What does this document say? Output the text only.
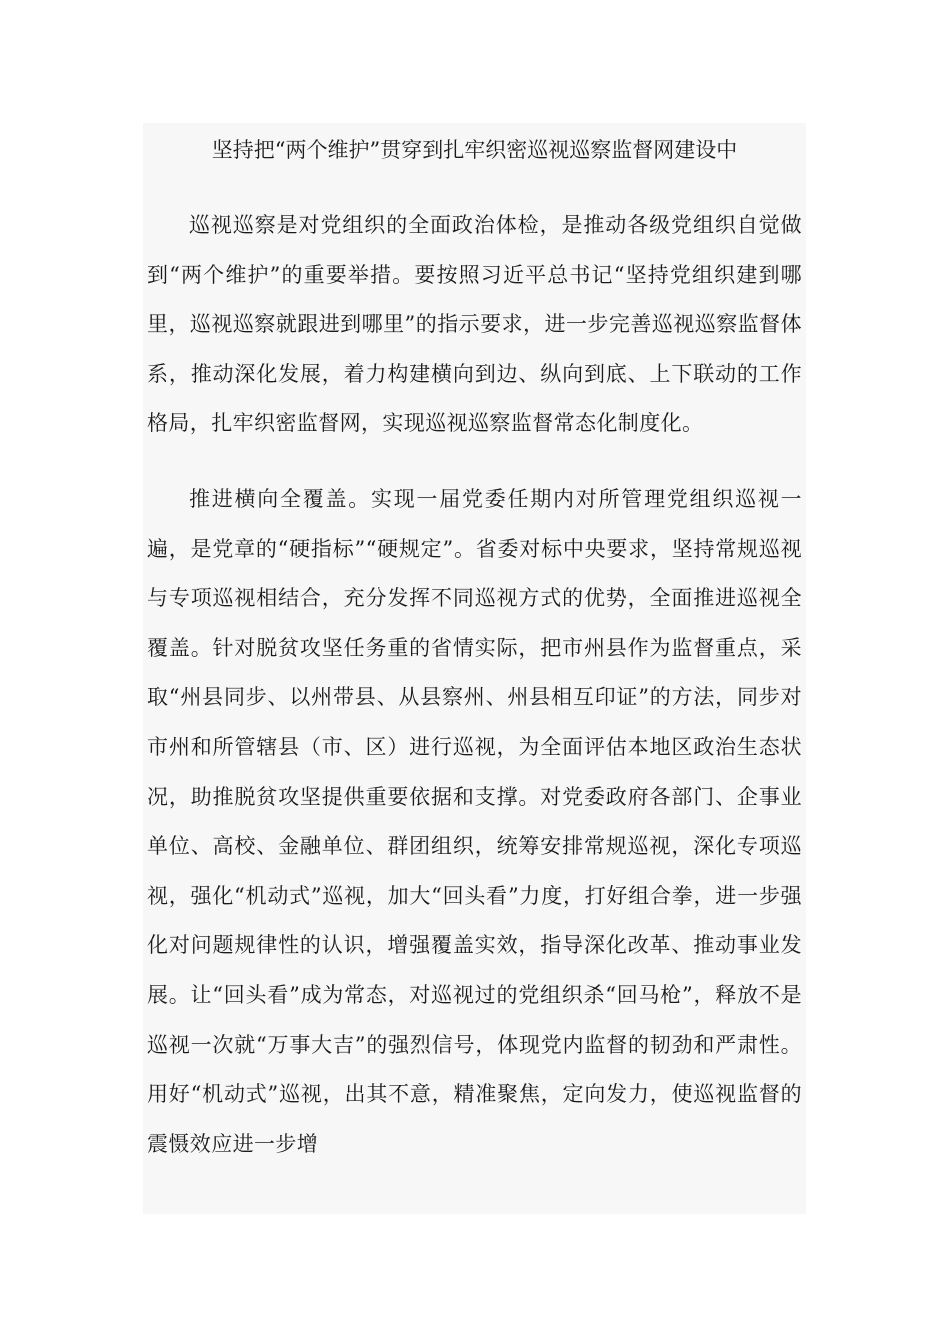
坚持把“两个维护”贯穿到扎牢织密巡视巡察监督网建设中

巡视巡察是对党组织的全面政治体检，是推动各级党组织自觉做到“两个维护”的重要举措。要按照习近平总书记“坚持党组织建到哪里，巡视巡察就跟进到哪里”的指示要求，进一步完善巡视巡察监督体系，推动深化发展，着力构建横向到边、纵向到底、上下联动的工作格局，扎牢织密监督网，实现巡视巡察监督常态化制度化。

推进横向全覆盖。实现一届党委任期内对所管理党组织巡视一遍，是党章的“硬指标”“硬规定”。省委对标中央要求，坚持常规巡视与专项巡视相结合，充分发挥不同巡视方式的优势，全面推进巡视全覆盖。针对脱贫攻坚任务重的省情实际，把市州县作为监督重点，采取“州县同步、以州带县、从县察州、州县相互印证”的方法，同步对市州和所管辖县（市、区）进行巡视，为全面评估本地区政治生态状况，助推脱贫攻坚提供重要依据和支撑。对党委政府各部门、企事业单位、高校、金融单位、群团组织，统筹安排常规巡视，深化专项巡视，强化“机动式”巡视，加大“回头看”力度，打好组合拳，进一步强化对问题规律性的认识，增强覆盖实效，指导深化改革、推动事业发展。让“回头看”成为常态，对巡视过的党组织杀“回马枪”，释放不是巡视一次就“万事大吉”的强烈信号，体现党内监督的韧劲和严肃性。用好“机动式”巡视，出其不意，精准聚焦，定向发力，使巡视监督的震慑效应进一步增
